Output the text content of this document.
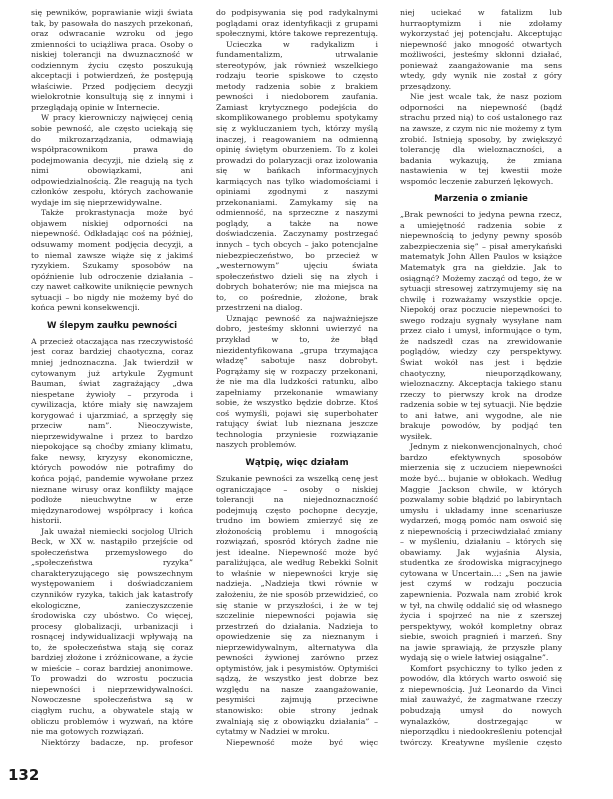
się pewników, poprawianie wizji świata tak, by pasowała do naszych przekonań, oraz odwracanie wzroku od jego zmienności to uciążliwa praca. Osoby o niskiej tolerancji na dwuznaczność w codziennym życiu często poszukują akceptacji i potwierdzeń, że postępują właściwie. Przed podjęciem decyzji wielokrotnie konsultują się z innymi i przeglądają opinie w Internecie.

W pracy kierowniczy najwięcej cenią sobie pewność, ale często uciekają się do mikrozarządzania, odmawiają współpracownikom prawa do podejmowania decyzji, nie dzielą się z nimi obowiązkami, ani odpowiedzialnością. Źle reagują na tych członków zespołu, których zachowanie wydaje im się nieprzewidywalne.

Także prokrastynacja może być objawem niskiej odporności na niepewność. Odkładając coś na później, odsuwamy moment podjęcia decyzji, a to niemal zawsze wiąże się z jakimś ryzykiem. Szukamy sposobów na opóźnienie lub odroczenie działania – czy nawet całkowite uniknięcie pewnych sytuacji – bo nigdy nie możemy być do końca pewni konsekwencji.

W ślepym zaułku pewności

A przecież otaczająca nas rzeczywistość jest coraz bardziej chaotyczna, coraz mniej jednoznaczna. Jak twierdził w cytowanym już artykule Zygmunt Bauman, świat zagrażający „dwa niespetane żywioły – przyroda i cywilizacja, które miały się nawzajem korygować i ujarzmiać, a sprzęgły się przeciw nam”. Nieoczywiste, nieprzewidywalne i przez to bardzo niepokojące są choćby zmiany klimatu, fake newsy, kryzysy ekonomiczne, których powodów nie potrafimy do końca pojąć, pandemie wywołane przez nieznane wirusy oraz konflikty mające podłoże nieuchwytne w erze międzynarodowej współpracy i końca historii.

Jak uważał niemiecki socjolog Ulrich Beck, w XX w. nastąpiło przejście od społeczeństwa przemysłowego do „społeczeństwa ryzyka” charakteryzującego się powszechnym występowaniem i doświadczaniem czynników ryzyka, takich jak katastrofy ekologiczne, zanieczyszczenie środowiska czy ubóstwo. Co więcej, procesy globalizacji, urbanizacji i rosnącej indywidualizacji wpływają na to, że społeczeństwa stają się coraz bardziej złożone i zróżnicowane, a życie w mieście – coraz bardziej anonimowe. To prowadzi do wzrostu poczucia niepewności i nieprzewidywalności. Nowoczesne społeczeństwa są w ciągłym ruchu, a obywatele stają w obliczu problemów i wyzwań, na które nie ma gotowych rozwiązań.

Niektórzy badacze, np. profesor

do podpisywania się pod radykalnymi poglądami oraz identyfikacji z grupami społecznymi, które takowe reprezentują.

Ucieczka w radykalizm i fundamentalizm, utrwalanie stereotypów, jak również wszelkiego rodzaju teorie spiskowe to często metody radzenia sobie z brakiem pewności i niedoborem zaufania. Zamiast krytycznego podejścia do skomplikowanego problemu spotykamy się z wykluczaniem tych, którzy myślą inaczej, i reagowaniem na odmienną opinię świętym oburzeniem. To z kolei prowadzi do polaryzacji oraz izolowania się w bańkach informacyjnych karmiących nas tylko wiadomościami i opiniami zgodnymi z naszymi przekonaniami. Zamykamy się na odmienność, na sprzeczne z naszymi poglądy, a także na nowe doświadczenia. Zaczynamy postrzegać innych – tych obcych – jako potencjalne niebezpieczeństwo, bo przecież w „westernowym” ujęciu świata społeczeństwo dzieli się na złych i dobrych bohaterów; nie ma miejsca na to, co pośrednie, złożone, brak przestrzeni na dialog.

Uznając pewność za najważniejsze dobro, jesteśmy skłonni uwierzyć na przykład w to, że błąd niezidentyfikowana „grupa trzymająca władzę” sabotuje nasz dobrobyt. Pogrążamy się w rozpaczy przekonani, że nie ma dla ludzkości ratunku, albo zapełniamy przekonanie wmawiany sobie, że wszystko będzie dobrze. Ktoś coś wymyśli, pojawi się superbohater ratujący świat lub nieznana jeszcze technologia przyniesie rozwiązanie naszych problemów.

Wątpię, więc działam

Szukanie pewności za wszelką cenę jest ograniczające – osoby o niskiej tolerancji na niejednoznaczność podejmują często pochopne decyzje, trudno im bowiem zmierzyć się ze złożonością problemu i mnogością rozwiązań, sposród których żadne nie jest idealne. Niepewność może być paraliżująca, ale według Rebekki Solnit to właśnie w niepewności kryje się nadzieja. „Nadzieja tkwi równie w założeniu, że nie sposób przewidzieć, co się stanie w przyszłości, i że w tej szczelinie niepewności pojawia się przestrzeń do działania. Nadzieja to opowiedzenie się za nieznanym i nieprzewidywalnym, alternatywa dla pewności żywionej zarówno przez optymistów, jak i pesymistów. Optymiści sądzą, że wszystko jest dobrze bez względu na nasze zaangażowanie, pesymiści zajmują przeciwne stanowisko: obie strony jednak zwalniają się z obowiązku działania” – cytatmy w Nadziei w mroku.

Niepewność może być więc

niej uciekać w fatalizm lub hurraoptymizm i nie zdołamy wykorzystać jej potencjału. Akceptując niepewność jako mnogość otwartych możliwości, jesteśmy skłonni działać, ponieważ zaangażowanie ma sens wtedy, gdy wynik nie został z góry przesądzony.

Nie jest wcale tak, że nasz poziom odporności na niepewność (bądź strachu przed nią) to coś ustalonego raz na zawsze, z czym nic nie możemy z tym zrobić. Istnieją sposoby, by zwiększyć tolerancję dla wieloznaczności, a badania wykazują, że zmiana nastawienia w tej kwestii może wspomóc leczenie zaburzeń lękowych.

Marzenia o zmianie

„Brak pewności to jedyna pewna rzecz, a umiejętność radzenia sobie z niepewnością to jedyny pewny sposób zabezpieczenia się” – pisał amerykański matematyk John Allen Paulos w książce Matematyk gra na giełdzie. Jak to osiągnąć? Możemy zacząć od tego, że w sytuacji stresowej zatrzymujemy się na chwilę i rozważamy wszystkie opcje. Niepokój oraz poczucie niepewności to swego rodzaju sygnały wysyłane nam przez ciało i umysł, informujące o tym, że nadszedł czas na zrewidowanie poglądów, wiedzy czy perspektywy. Świat wokół nas jest i będzie chaotyczny, nieuporządkowany, wieloznaczny. Akceptacja takiego stanu rzeczy to pierwszy krok na drodze radzenia sobie w tej sytuacji. Nie będzie to ani łatwe, ani wygodne, ale nie brakuje powodów, by podjąć ten wysiłek.

Jednym z niekonwencjonalnych, choć bardzo efektywnych sposobów mierzenia się z uczuciem niepewności może być... bujanie w obłokach. Według Maggie Jackson chwile, w których pozwalamy sobie błądzić po labiryntach umysłu i układamy inne scenariusze wydarzeń, mogą pomóc nam oswoić się z niepewnością i przeciwdziałać zmiany – w myśleniu, działaniu – których się obawiamy. Jak wyjaśnia Alysia, studentka ze środowiska migracyjnego cytowana w Uncertain...: „Sen na jawie jest czymś w rodzaju poczucia zapewnienia. Pozwala nam zrobić krok w tył, na chwilę oddalić się od własnego życia i spojrzeć na nie z szerszej perspektywy, wokół kompletny obraz siebie, swoich pragnień i marzeń. Sny na jawie sprawiają, że przyszłe plany wydają się o wiele łatwiej osiągalne”.

Komfort psychiczny to tylko jeden z powodów, dla których warto oswoić się z niepewnością. Już Leonardo da Vinci miał zauważyć, że zagmatwane rzeczy pobudzają umysł do nowych wynalazków, dostrzegając w nieporządku i niedookreśleniu potencjał twórczy. Kreatywne myślenie często

132
